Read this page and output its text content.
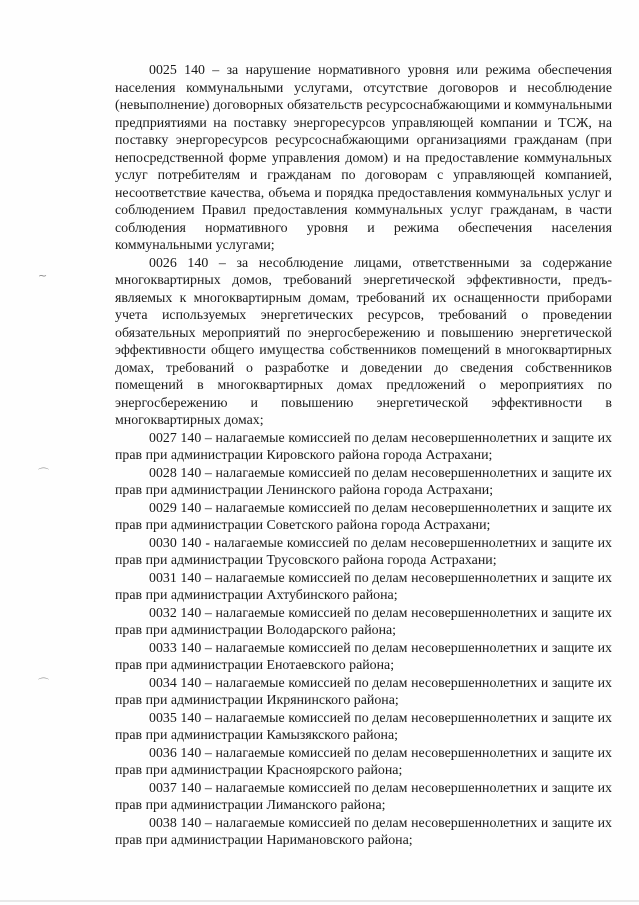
~
⌒
⌒

0025 140 – за нарушение нормативного уровня или режима обеспечения населения коммунальными услугами, отсутствие договоров и несоблюдение (невыполнение) договорных обязательств ресурсоснабжающими и коммунальными предприятиями на поставку энергоресурсов управляющей компании и ТСЖ, на поставку энергоресурсов ресурсоснабжающими организациями гражданам (при непосредственной форме управления домом) и на предоставление коммунальных услуг потребителям и гражданам по договорам с управляющей компанией, несоответствие качества, объема и порядка предоставления коммунальных услуг и соблюдением Правил предоставления коммунальных услуг гражданам, в части соблюдения нормативного уровня и режима обеспечения населения коммунальными услугами;

0026 140 – за несоблюдение лицами, ответственными за содержание многоквартирных домов, требований энергетической эффективности, предъявляемых к многоквартирным домам, требований их оснащенности приборами учета используемых энергетических ресурсов, требований о проведении обязательных мероприятий по энергосбережению и повышению энергетической эффективности общего имущества собственников помещений в многоквартирных домах, требований о разработке и доведении до сведения собственников помещений в многоквартирных домах предложений о мероприятиях по энергосбережению и повышению энергетической эффективности в многоквартирных домах;

0027 140 – налагаемые комиссией по делам несовершеннолетних и защите их прав при администрации Кировского района города Астрахани;

0028 140 – налагаемые комиссией по делам несовершеннолетних и защите их прав при администрации Ленинского района города Астрахани;

0029 140 – налагаемые комиссией по делам несовершеннолетних и защите их прав при администрации Советского района города Астрахани;

0030 140 - налагаемые комиссией по делам несовершеннолетних и защите их прав при администрации Трусовского района города Астрахани;

0031 140 – налагаемые комиссией по делам несовершеннолетних и защите их прав при администрации Ахтубинского района;

0032 140 – налагаемые комиссией по делам несовершеннолетних и защите их прав при администрации Володарского района;

0033 140 – налагаемые комиссией по делам несовершеннолетних и защите их прав при администрации Енотаевского района;

0034 140 – налагаемые комиссией по делам несовершеннолетних и защите их прав при администрации Икрянинского района;

0035 140 – налагаемые комиссией по делам несовершеннолетних и защите их прав при администрации Камызякского района;

0036 140 – налагаемые комиссией по делам несовершеннолетних и защите их прав при администрации Красноярского района;

0037 140 – налагаемые комиссией по делам несовершеннолетних и защите их прав при администрации Лиманского района;

0038 140 – налагаемые комиссией по делам несовершеннолетних и защите их прав при администрации Наримановского района;
